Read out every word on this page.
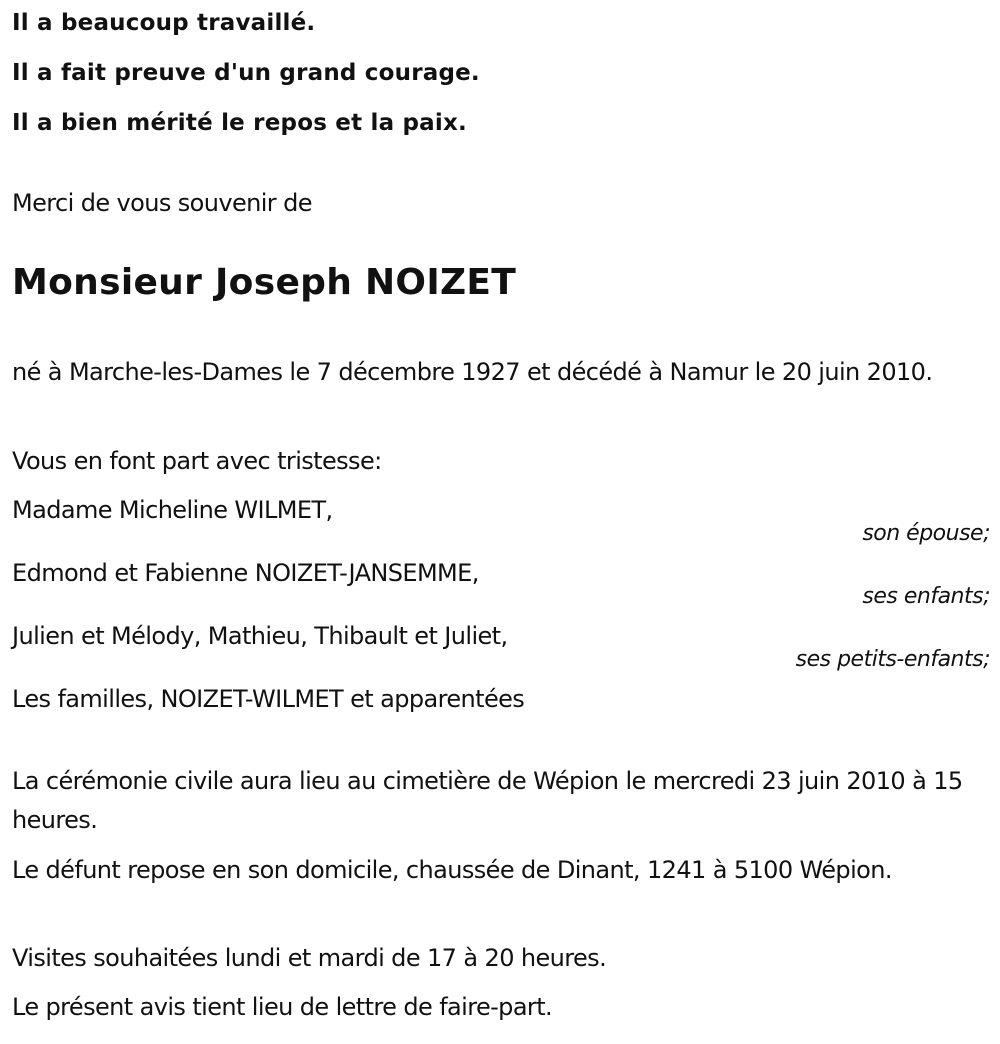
Il a beaucoup travaillé.
Il a fait preuve d'un grand courage.
Il a bien mérité le repos et la paix.
Merci de vous souvenir de
Monsieur Joseph NOIZET
né à Marche-les-Dames le 7 décembre 1927 et décédé à Namur le 20 juin 2010.
Vous en font part avec tristesse:
Madame Micheline WILMET,
son épouse;
Edmond et Fabienne NOIZET-JANSEMME,
ses enfants;
Julien et Mélody, Mathieu, Thibault et Juliet,
ses petits-enfants;
Les familles, NOIZET-WILMET et apparentées
La cérémonie civile aura lieu au cimetière de Wépion le mercredi 23 juin 2010 à 15 heures.
Le défunt repose en son domicile, chaussée de Dinant, 1241 à 5100 Wépion.
Visites souhaitées lundi et mardi de 17 à 20 heures.
Le présent avis tient lieu de lettre de faire-part.
